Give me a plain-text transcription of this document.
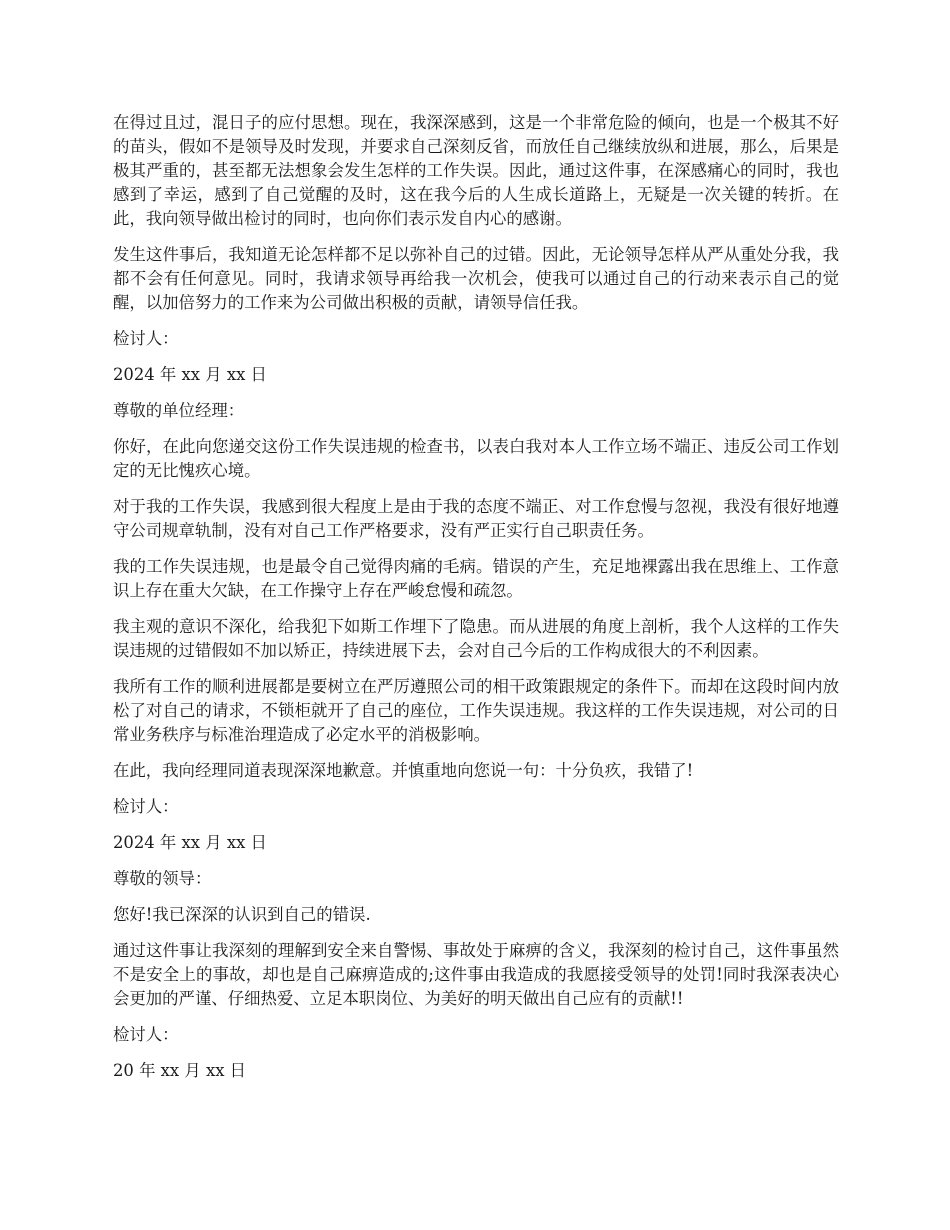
在得过且过，混日子的应付思想。现在，我深深感到，这是一个非常危险的倾向，也是一个极其不好的苗头，假如不是领导及时发现，并要求自己深刻反省，而放任自己继续放纵和进展，那么，后果是极其严重的，甚至都无法想象会发生怎样的工作失误。因此，通过这件事，在深感痛心的同时，我也感到了幸运，感到了自己觉醒的及时，这在我今后的人生成长道路上，无疑是一次关键的转折。在此，我向领导做出检讨的同时，也向你们表示发自内心的感谢。

发生这件事后，我知道无论怎样都不足以弥补自己的过错。因此，无论领导怎样从严从重处分我，我都不会有任何意见。同时，我请求领导再给我一次机会，使我可以通过自己的行动来表示自己的觉醒，以加倍努力的工作来为公司做出积极的贡献，请领导信任我。

检讨人：

2024 年 xx 月 xx 日

尊敬的单位经理：

你好，在此向您递交这份工作失误违规的检查书，以表白我对本人工作立场不端正、违反公司工作划定的无比愧疚心境。

对于我的工作失误，我感到很大程度上是由于我的态度不端正、对工作怠慢与忽视，我没有很好地遵守公司规章轨制，没有对自己工作严格要求，没有严正实行自己职责任务。

我的工作失误违规，也是最令自己觉得肉痛的毛病。错误的产生，充足地裸露出我在思维上、工作意识上存在重大欠缺，在工作操守上存在严峻怠慢和疏忽。

我主观的意识不深化，给我犯下如斯工作埋下了隐患。而从进展的角度上剖析，我个人这样的工作失误违规的过错假如不加以矫正，持续进展下去，会对自己今后的工作构成很大的不利因素。

我所有工作的顺利进展都是要树立在严厉遵照公司的相干政策跟规定的条件下。而却在这段时间内放松了对自己的请求，不锁柜就开了自己的座位，工作失误违规。我这样的工作失误违规，对公司的日常业务秩序与标准治理造成了必定水平的消极影响。

在此，我向经理同道表现深深地歉意。并慎重地向您说一句：十分负疚，我错了!

检讨人：

2024 年 xx 月 xx 日

尊敬的领导：

您好!我已深深的认识到自己的错误.

通过这件事让我深刻的理解到安全来自警惕、事故处于麻痹的含义，我深刻的检讨自己，这件事虽然不是安全上的事故，却也是自己麻痹造成的;这件事由我造成的我愿接受领导的处罚!同时我深表决心会更加的严谨、仔细热爱、立足本职岗位、为美好的明天做出自己应有的贡献!!

检讨人：

20 年 xx 月 xx 日
